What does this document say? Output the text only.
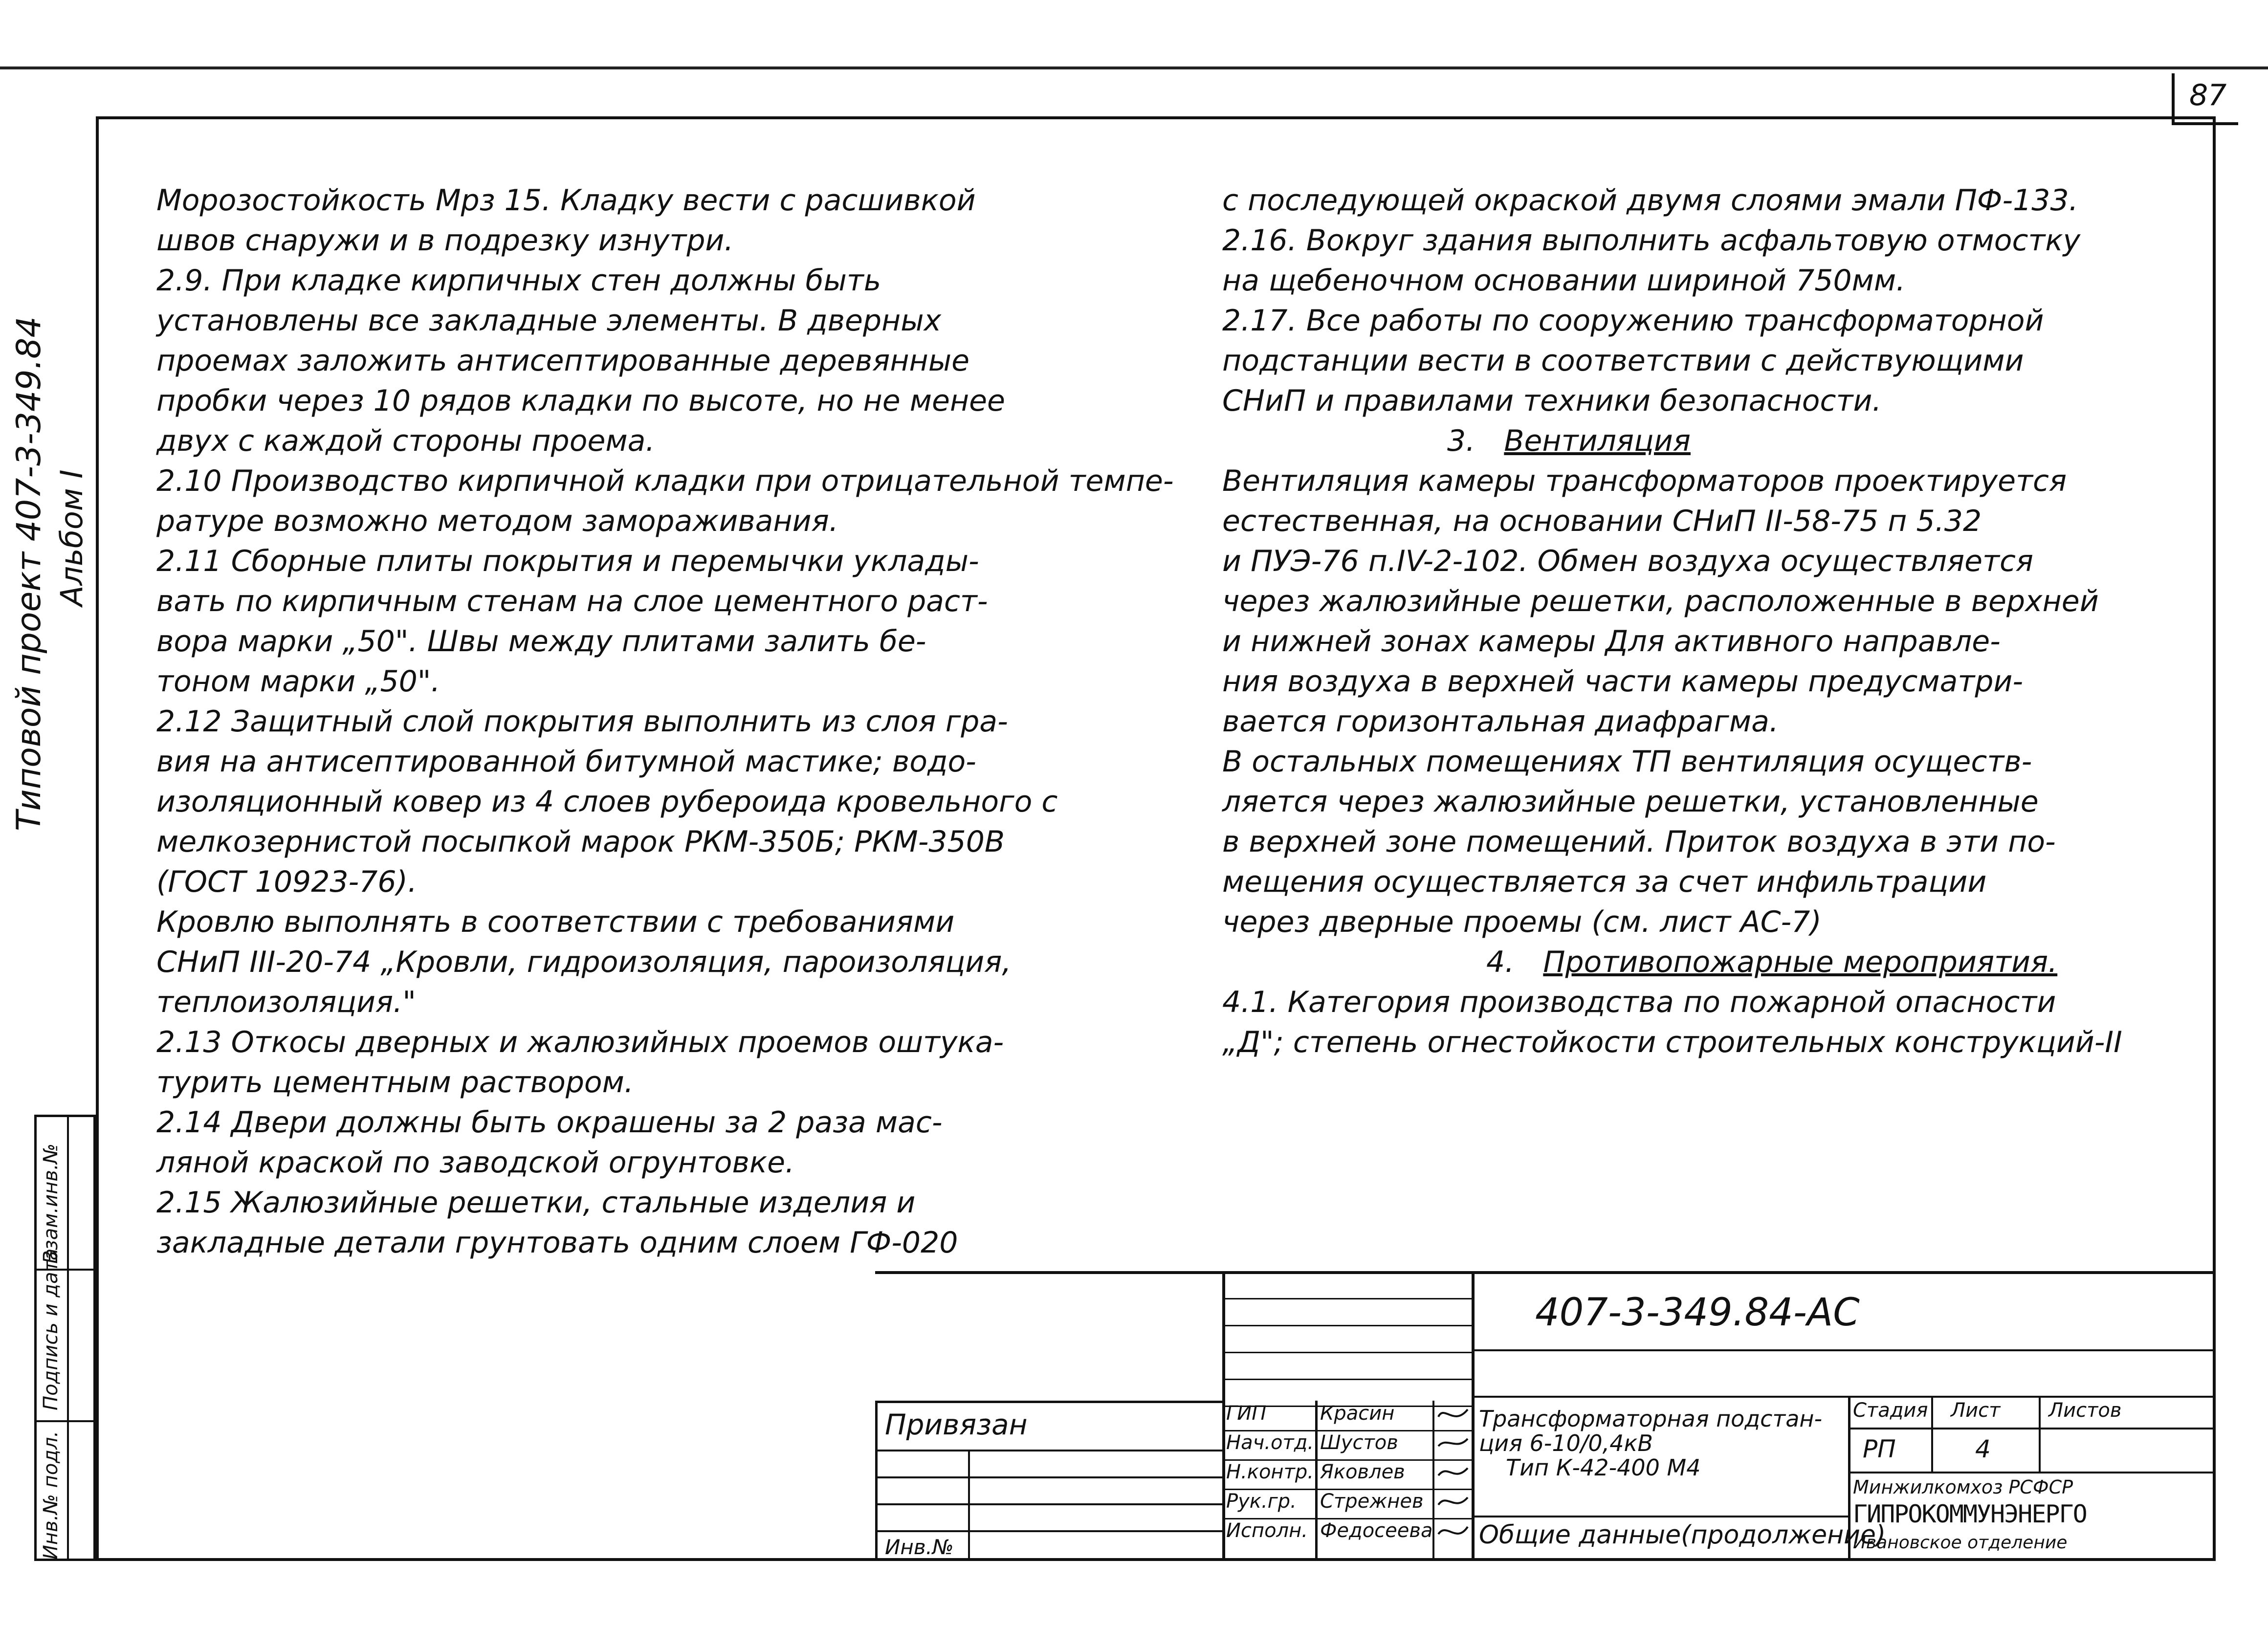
87
Типовой проект 407-3-349.84 Альбом I
Инв.№ подл.
Подпись и дата
Взам.инв.№
Морозостойкость Мрз 15. Кладку вести с расшивкой
швов снаружи и в подрезку изнутри.
2.9. При кладке кирпичных стен должны быть
установлены все закладные элементы. В дверных
проемах заложить антисептированные деревянные
пробки через 10 рядов кладки по высоте, но не менее
двух с каждой стороны проема.
2.10 Производство кирпичной кладки при отрицательной темпе-
ратуре возможно методом замораживания.
2.11 Сборные плиты покрытия и перемычки уклады-
вать по кирпичным стенам на слое цементного раст-
вора марки „50". Швы между плитами залить бе-
тоном марки „50".
2.12 Защитный слой покрытия выполнить из слоя гра-
вия на антисептированной битумной мастике; водо-
изоляционный ковер из 4 слоев рубероида кровельного с
мелкозернистой посыпкой марок РКМ-350Б; РКМ-350В
(ГОСТ 10923-76).
Кровлю выполнять в соответствии с требованиями
СНиП III-20-74 „Кровли, гидроизоляция, пароизоляция,
теплоизоляция."
2.13 Откосы дверных и жалюзийных проемов оштука-
турить цементным раствором.
2.14 Двери должны быть окрашены за 2 раза мас-
ляной краской по заводской огрунтовке.
2.15 Жалюзийные решетки, стальные изделия и
закладные детали грунтовать одним слоем ГФ-020
с последующей окраской двумя слоями эмали ПФ-133.
2.16. Вокруг здания выполнить асфальтовую отмостку
на щебеночном основании шириной 750мм.
2.17. Все работы по сооружению трансформаторной
подстанции вести в соответствии с действующими
СНиП и правилами техники безопасности.
3. Вентиляция
Вентиляция камеры трансформаторов проектируется
естественная, на основании СНиП II-58-75 п 5.32
и ПУЭ-76 п.IV-2-102. Обмен воздуха осуществляется
через жалюзийные решетки, расположенные в верхней
и нижней зонах камеры Для активного направле-
ния воздуха в верхней части камеры предусматри-
вается горизонтальная диафрагма.
В остальных помещениях ТП вентиляция осуществ-
ляется через жалюзийные решетки, установленные
в верхней зоне помещений. Приток воздуха в эти по-
мещения осуществляется за счет инфильтрации
через дверные проемы (см. лист АС-7)
4. Противопожарные мероприятия.
4.1. Категория производства по пожарной опасности
„Д"; степень огнестойкости строительных конструкций-II
407-3-349.84-АС
Привязан
Инв.№
ГИП	Красин
Нач.отд. Шустов
Н.контр. Яковлев
Рук.гр. Стрежнев
Исполн. Федосеева
Трансформаторная подстан-
ция 6-10/0,4кВ
Тип К-42-400 М4
Общие данные(продолжение)
Стадия Лист Листов
РП	4
Минжилкомхоз РСФСР
ГИПРОКОММУНЭНЕРГО
Ивановское отделение
